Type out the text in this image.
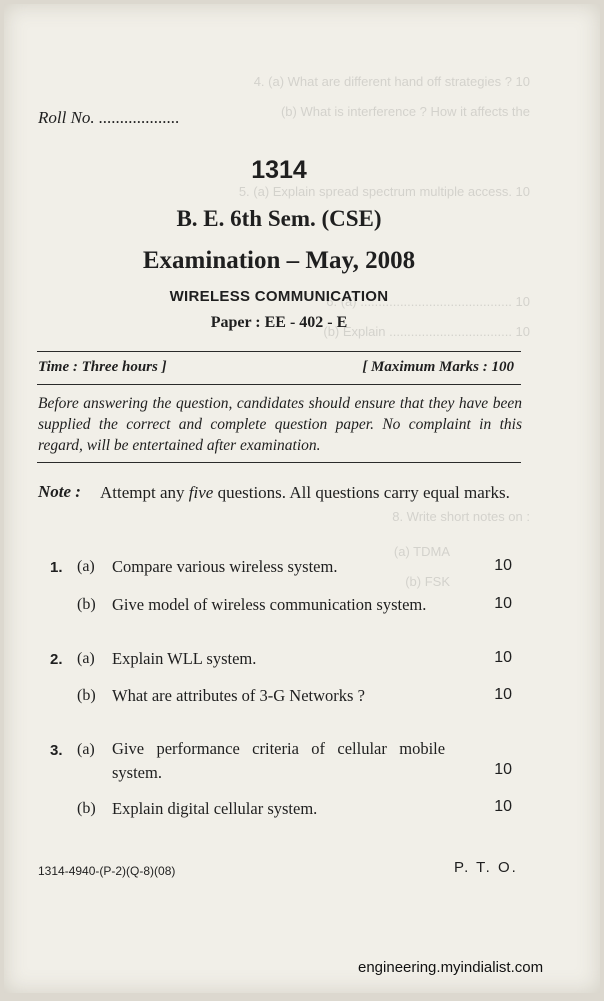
4. (a) What are different hand off strategies ? 10
(b) What is interference ? How it affects the
5. (a) Explain spread spectrum multiple access. 10
6. (a) .......................................... 10
(b) Explain .................................. 10
8. Write short notes on :
(a) TDMA
(b) FSK
Roll No. ...................
1314
B. E. 6th Sem. (CSE)
Examination – May, 2008
WIRELESS COMMUNICATION
Paper : EE - 402 - E
Time : Three hours ]	[ Maximum Marks : 100
Before answering the question, candidates should ensure that they have been supplied the correct and complete question paper. No complaint in this regard, will be entertained after examination.
Note : Attempt any five questions. All questions carry equal marks.
1. (a) Compare various wireless system.	10
(b) Give model of wireless communication system.	10
2. (a) Explain WLL system.	10
(b) What are attributes of 3-G Networks ?	10
3. (a) Give   performance   criteria   of   cellular   mobile
system.	10
(b) Explain digital cellular system.	10
1314-4940-(P-2)(Q-8)(08)	P. T. O.
engineering.myindialist.com
